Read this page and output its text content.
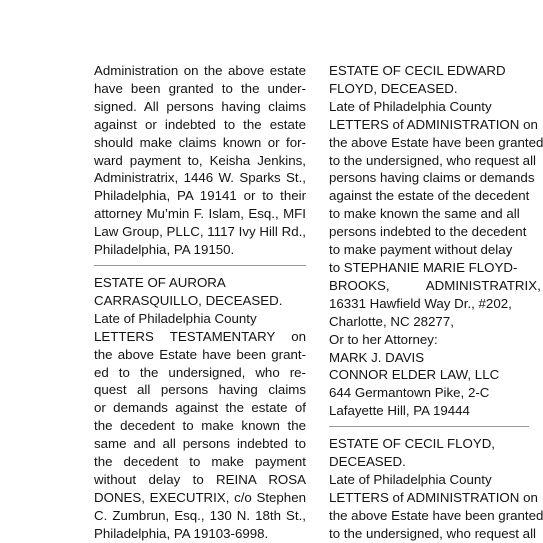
Administration on the above estate
have been granted to the under-
signed. All persons having claims
against or indebted to the estate
should make claims known or for-
ward payment to, Keisha Jenkins,
Administratrix, 1446 W. Sparks St.,
Philadelphia, PA 19141 or to their
attorney Mu’min F. Islam, Esq., MFI
Law Group, PLLC, 1117 Ivy Hill Rd.,
Philadelphia, PA 19150.
ESTATE OF AURORA
CARRASQUILLO, DECEASED.
Late of Philadelphia County
LETTERS TESTAMENTARY on
the above Estate have been grant-
ed to the undersigned, who re-
quest all persons having claims
or demands against the estate of
the decedent to make known the
same and all persons indebted to
the decedent to make payment
without delay to REINA ROSA
DONES, EXECUTRIX, c/o Stephen
C. Zumbrun, Esq., 130 N. 18th St.,
Philadelphia, PA 19103-6998.
ESTATE OF CECIL EDWARD
FLOYD, DECEASED.
Late of Philadelphia County
LETTERS of ADMINISTRATION on
the above Estate have been granted
to the undersigned, who request all
persons having claims or demands
against the estate of the decedent
to make known the same and all
persons indebted to the decedent
to make payment without delay
to STEPHANIE MARIE FLOYD-
BROOKS,          ADMINISTRATRIX,
16331 Hawfield Way Dr., #202,
Charlotte, NC 28277,
Or to her Attorney:
MARK J. DAVIS
CONNOR ELDER LAW, LLC
644 Germantown Pike, 2-C
Lafayette Hill, PA 19444
ESTATE OF CECIL FLOYD,
DECEASED.
Late of Philadelphia County
LETTERS of ADMINISTRATION on
the above Estate have been granted
to the undersigned, who request all
